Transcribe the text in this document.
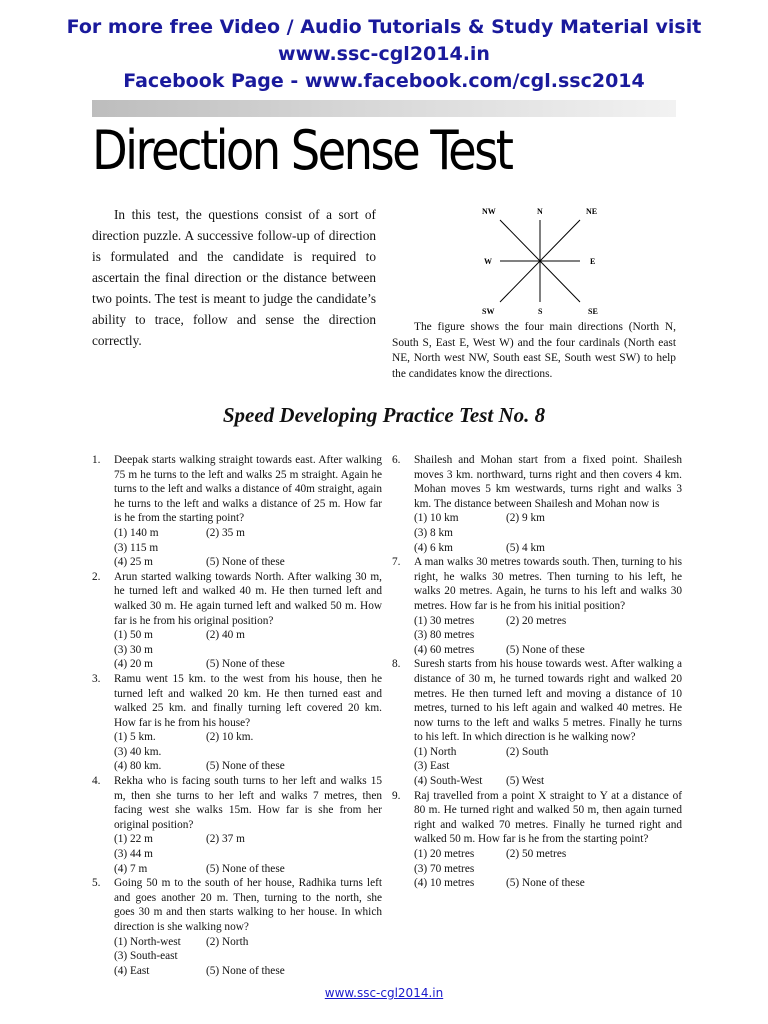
For more free Video / Audio Tutorials & Study Material visit
www.ssc-cgl2014.in
Facebook Page - www.facebook.com/cgl.ssc2014
Direction Sense Test

In this test, the questions consist of a sort of direction puzzle. A successive follow-up of direction is formulated and the candidate is required to ascertain the final direction or the distance between two points. The test is meant to judge the candidate’s ability to trace, follow and sense the direction correctly.

NW	N	NE
W	E
SW	S	SE

The figure shows the four main directions (North N, South S, East E, West W) and the four cardinals (North east NE, North west NW, South east SE, South west SW) to help the candidates know the directions.

Speed Developing Practice Test No. 8
1.	Deepak starts walking straight towards east. After walking 75 m he turns to the left and walks 25 m straight. Again he turns to the left and walks a distance of 40m straight, again he turns to the left and walks a distance of 25 m. How far is he from the starting point?
(1) 140 m	(2) 35 m
(3) 115 m
(4) 25 m	(5) None of these
2.	Arun started walking towards North. After walking 30 m, he turned left and walked 40 m. He then turned left and walked 30 m. He again turned left and walked 50 m. How far is he from his original position?
(1) 50 m	(2) 40 m
(3) 30 m
(4) 20 m	(5) None of these
3.	Ramu went 15 km. to the west from his house, then he turned left and walked 20 km. He then turned east and walked 25 km. and finally turning left covered 20 km. How far is he from his house?
(1) 5 km.	(2) 10 km.
(3) 40 km.
(4) 80 km.	(5) None of these
4.	Rekha who is facing south turns to her left and walks 15 m, then she turns to her left and walks 7 metres, then facing west she walks 15m. How far is she from her original position?
(1) 22 m	(2) 37 m
(3) 44 m
(4) 7 m	(5) None of these
5.	Going 50 m to the south of her house, Radhika turns left and goes another 20 m. Then, turning to the north, she goes 30 m and then starts walking to her house. In which direction is she walking now?
(1) North-west	(2) North
(3) South-east
(4) East	(5) None of these
6.	Shailesh and Mohan start from a fixed point. Shailesh moves 3 km. northward, turns right and then covers 4 km. Mohan moves 5 km westwards, turns right and walks 3 km. The distance between Shailesh and Mohan now is
(1) 10 km	(2) 9 km
(3) 8 km
(4) 6 km	(5) 4 km
7.	A man walks 30 metres towards south. Then, turning to his right, he walks 30 metres. Then turning to his left, he walks 20 metres. Again, he turns to his left and walks 30 metres. How far is he from his initial position?
(1) 30 metres	(2) 20 metres
(3) 80 metres
(4) 60 metres	(5) None of these
8.	Suresh starts from his house towards west. After walking a distance of 30 m, he turned towards right and walked 20 metres. He then turned left and moving a distance of 10 metres, turned to his left again and walked 40 metres. He now turns to the left and walks 5 metres. Finally he turns to his left. In which direction is he walking now?
(1) North	(2) South
(3) East
(4) South-West	(5) West
9.	Raj travelled from a point X straight to Y at a distance of 80 m. He turned right and walked 50 m, then again turned right and walked 70 metres. Finally he turned right and walked 50 m. How far is he from the starting point?
(1) 20 metres	(2) 50 metres
(3) 70 metres
(4) 10 metres	(5) None of these
www.ssc-cgl2014.in
